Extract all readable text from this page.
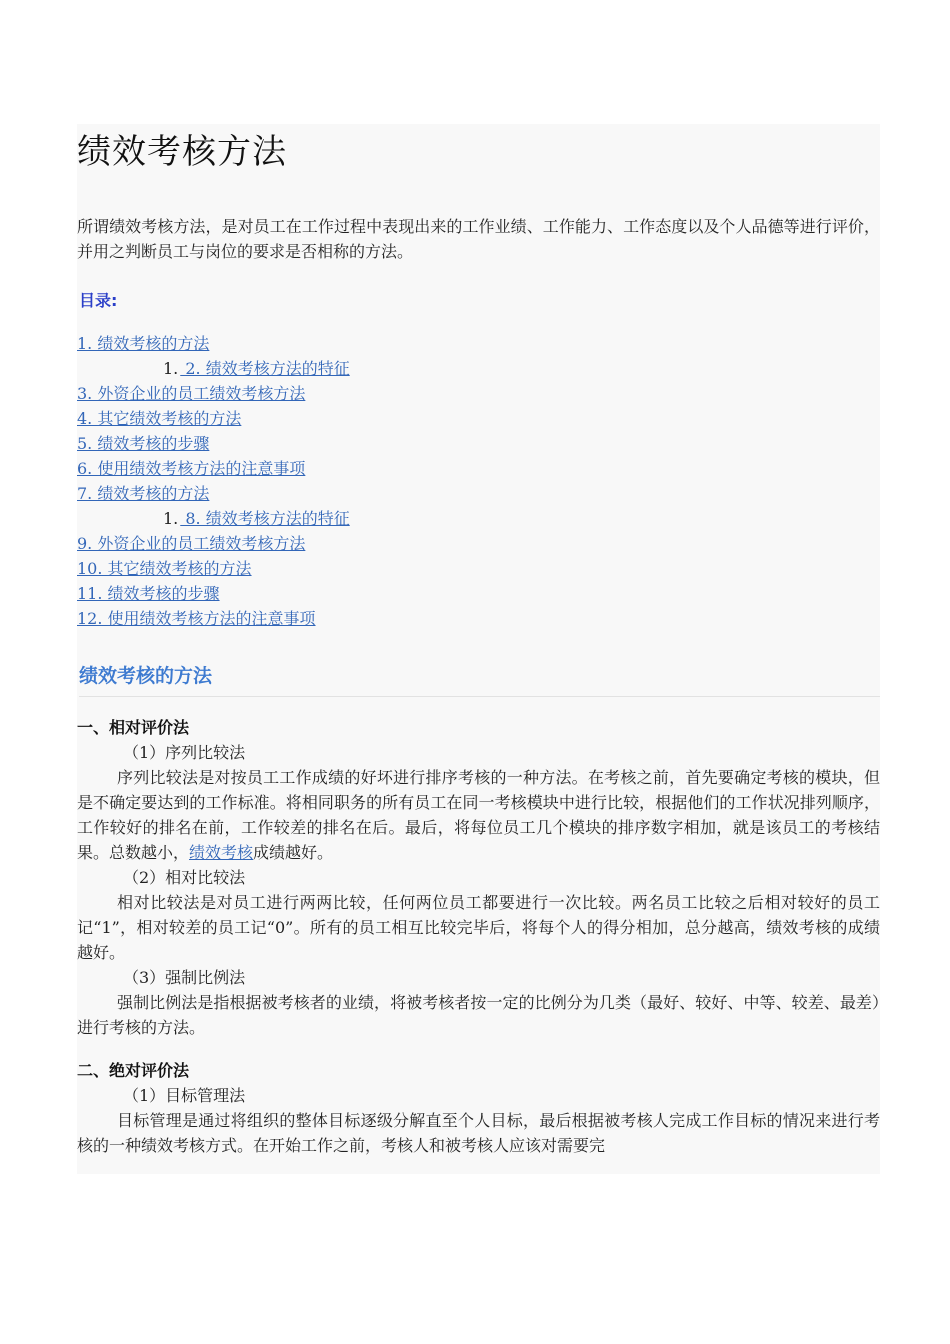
绩效考核方法

所谓绩效考核方法，是对员工在工作过程中表现出来的工作业绩、工作能力、工作态度以及个人品德等进行评价，并用之判断员工与岗位的要求是否相称的方法。

目录:
1. 绩效考核的方法
1. 2. 绩效考核方法的特征
3. 外资企业的员工绩效考核方法
4. 其它绩效考核的方法
5. 绩效考核的步骤
6. 使用绩效考核方法的注意事项
7. 绩效考核的方法
1. 8. 绩效考核方法的特征
9. 外资企业的员工绩效考核方法
10. 其它绩效考核的方法
11. 绩效考核的步骤
12. 使用绩效考核方法的注意事项
绩效考核的方法
一、相对评价法

（1）序列比较法

序列比较法是对按员工工作成绩的好坏进行排序考核的一种方法。在考核之前，首先要确定考核的模块，但是不确定要达到的工作标准。将相同职务的所有员工在同一考核模块中进行比较，根据他们的工作状况排列顺序，工作较好的排名在前，工作较差的排名在后。最后，将每位员工几个模块的排序数字相加，就是该员工的考核结果。总数越小，绩效考核成绩越好。

（2）相对比较法

相对比较法是对员工进行两两比较，任何两位员工都要进行一次比较。两名员工比较之后相对较好的员工记“1”，相对较差的员工记“0”。所有的员工相互比较完毕后，将每个人的得分相加，总分越高，绩效考核的成绩越好。

（3）强制比例法

强制比例法是指根据被考核者的业绩，将被考核者按一定的比例分为几类（最好、较好、中等、较差、最差）进行考核的方法。

二、绝对评价法

（1）目标管理法

目标管理是通过将组织的整体目标逐级分解直至个人目标，最后根据被考核人完成工作目标的情况来进行考核的一种绩效考核方式。在开始工作之前，考核人和被考核人应该对需要完
